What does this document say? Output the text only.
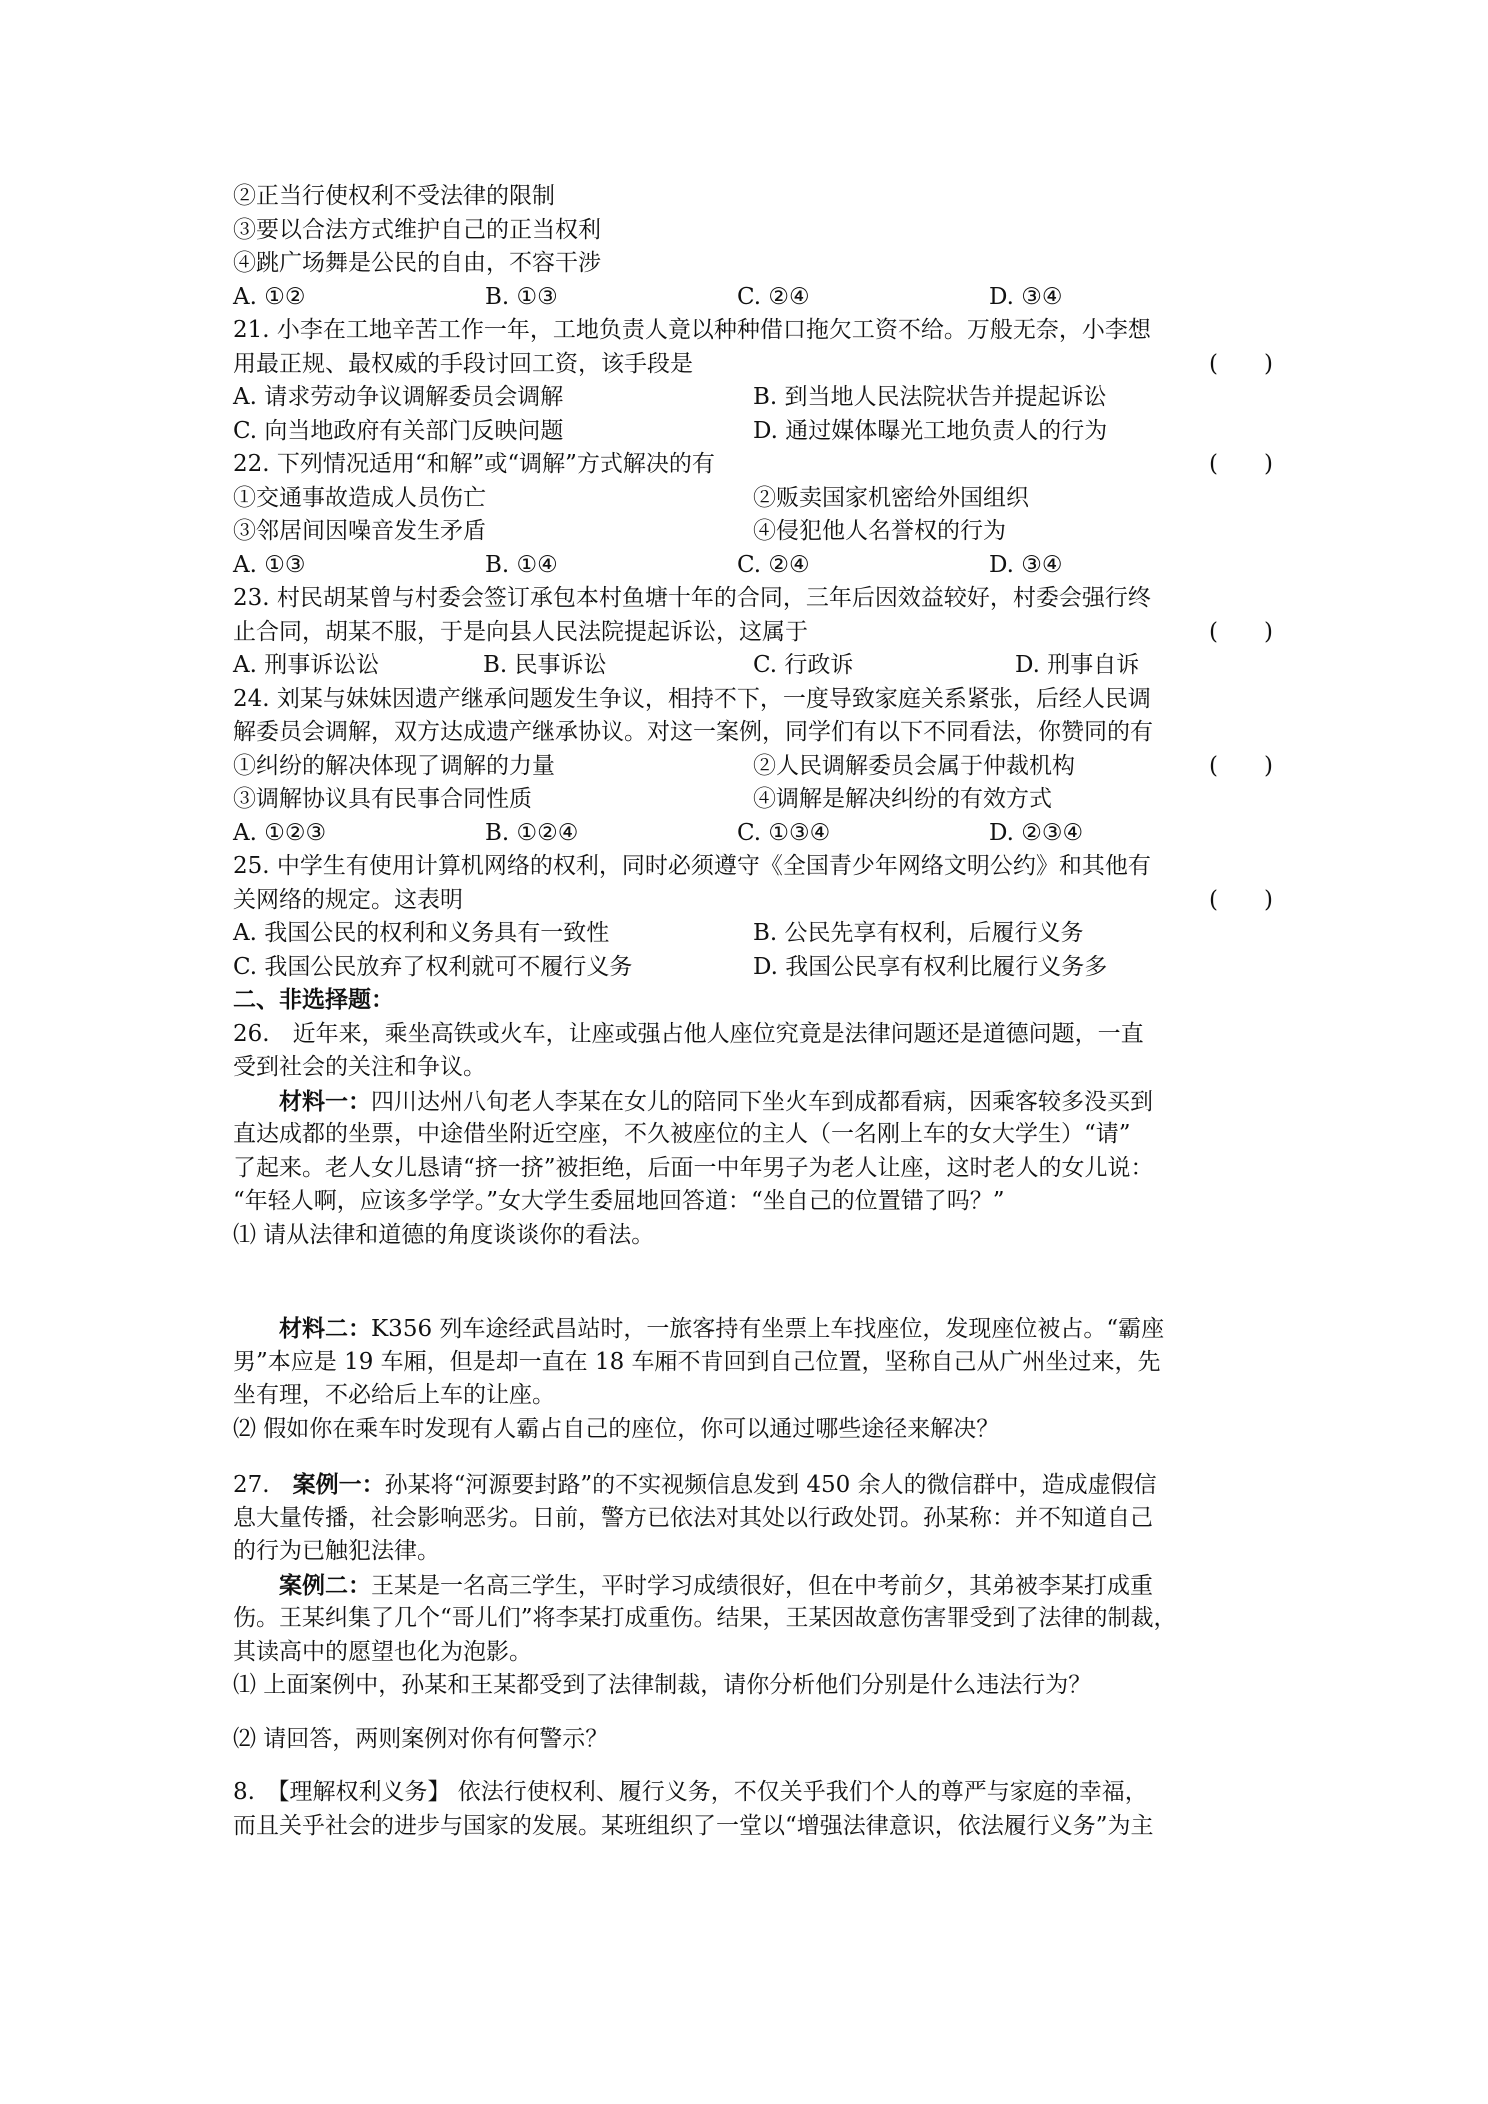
②正当行使权利不受法律的限制
③要以合法方式维护自己的正当权利
④跳广场舞是公民的自由，不容干涉
A. ①②	B. ①③	C. ②④	D. ③④
21. 小李在工地辛苦工作一年，工地负责人竟以种种借口拖欠工资不给。万般无奈，小李想
用最正规、最权威的手段讨回工资，该手段是	(　　)
A. 请求劳动争议调解委员会调解	B. 到当地人民法院状告并提起诉讼
C. 向当地政府有关部门反映问题	D. 通过媒体曝光工地负责人的行为
22. 下列情况适用“和解”或“调解”方式解决的有	(　　)
①交通事故造成人员伤亡	②贩卖国家机密给外国组织
③邻居间因噪音发生矛盾	④侵犯他人名誉权的行为
A. ①③	B. ①④	C. ②④	D. ③④
23. 村民胡某曾与村委会签订承包本村鱼塘十年的合同，三年后因效益较好，村委会强行终
止合同，胡某不服，于是向县人民法院提起诉讼，这属于	(　　)
A. 刑事诉讼讼	B. 民事诉讼	C. 行政诉	D. 刑事自诉
24. 刘某与妹妹因遗产继承问题发生争议，相持不下，一度导致家庭关系紧张，后经人民调
解委员会调解，双方达成遗产继承协议。对这一案例，同学们有以下不同看法，你赞同的有
①纠纷的解决体现了调解的力量	②人民调解委员会属于仲裁机构	(　　)
③调解协议具有民事合同性质	④调解是解决纠纷的有效方式
A. ①②③	B. ①②④	C. ①③④	D. ②③④
25. 中学生有使用计算机网络的权利，同时必须遵守《全国青少年网络文明公约》和其他有
关网络的规定。这表明	(　　)
A. 我国公民的权利和义务具有一致性	B. 公民先享有权利，后履行义务
C. 我国公民放弃了权利就可不履行义务	D. 我国公民享有权利比履行义务多
二、非选择题：
26.　近年来，乘坐高铁或火车，让座或强占他人座位究竟是法律问题还是道德问题，一直
受到社会的关注和争议。
材料一：四川达州八旬老人李某在女儿的陪同下坐火车到成都看病，因乘客较多没买到
直达成都的坐票，中途借坐附近空座，不久被座位的主人（一名刚上车的女大学生）“请”
了起来。老人女儿恳请“挤一挤”被拒绝，后面一中年男子为老人让座，这时老人的女儿说：
“年轻人啊，应该多学学。”女大学生委屈地回答道：“坐自己的位置错了吗？”
⑴ 请从法律和道德的角度谈谈你的看法。
材料二：K356 列车途经武昌站时，一旅客持有坐票上车找座位，发现座位被占。“霸座
男”本应是 19 车厢，但是却一直在 18 车厢不肯回到自己位置，坚称自己从广州坐过来，先
坐有理，不必给后上车的让座。
⑵ 假如你在乘车时发现有人霸占自己的座位，你可以通过哪些途径来解决？
27.　案例一：孙某将“河源要封路”的不实视频信息发到 450 余人的微信群中，造成虚假信
息大量传播，社会影响恶劣。日前，警方已依法对其处以行政处罚。孙某称：并不知道自己
的行为已触犯法律。
案例二：王某是一名高三学生，平时学习成绩很好，但在中考前夕，其弟被李某打成重
伤。王某纠集了几个“哥儿们”将李某打成重伤。结果，王某因故意伤害罪受到了法律的制裁，
其读高中的愿望也化为泡影。
⑴ 上面案例中，孙某和王某都受到了法律制裁，请你分析他们分别是什么违法行为？
⑵ 请回答，两则案例对你有何警示？
8.　【理解权利义务】 依法行使权利、履行义务，不仅关乎我们个人的尊严与家庭的幸福，
而且关乎社会的进步与国家的发展。某班组织了一堂以“增强法律意识，依法履行义务”为主
